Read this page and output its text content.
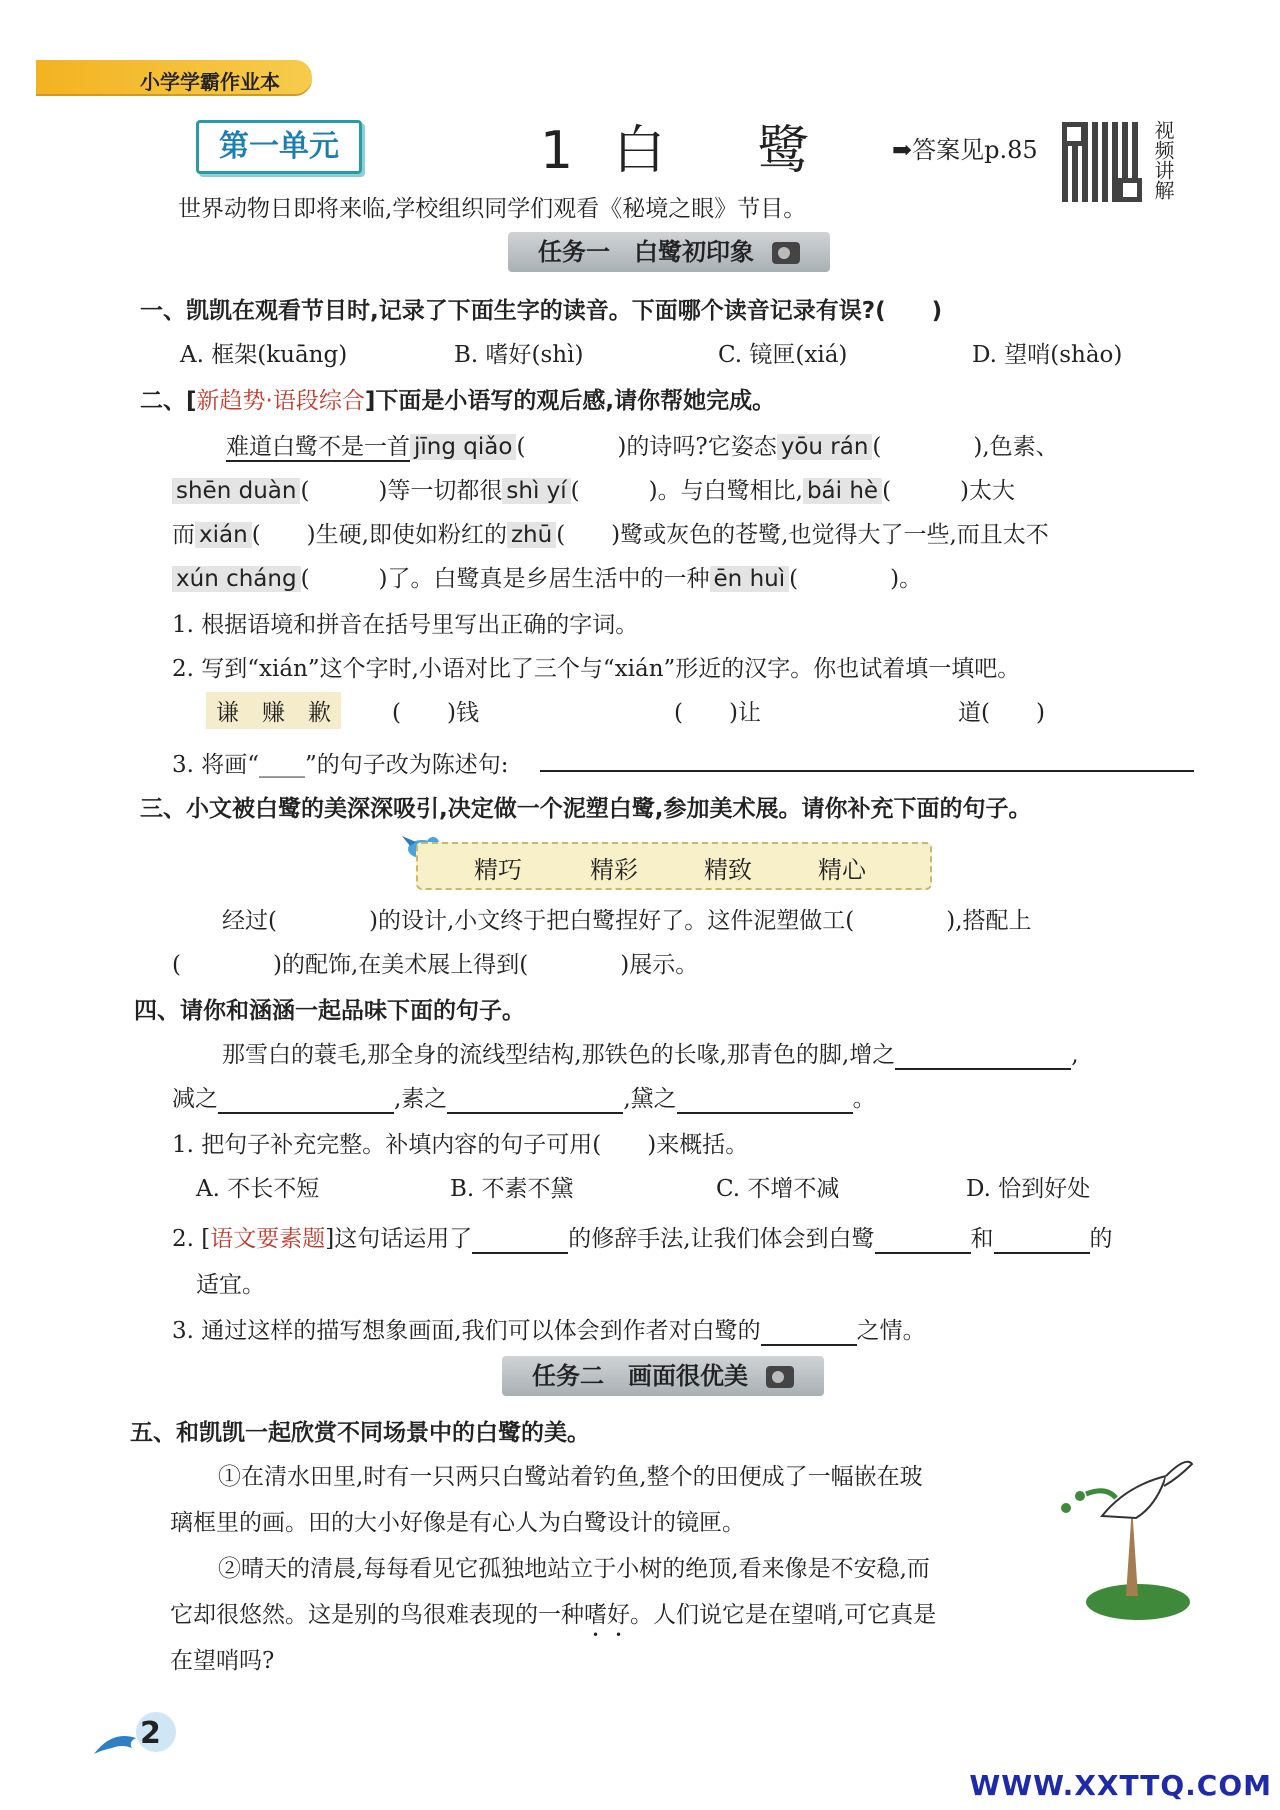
小学学霸作业本
第一单元	1 白 鹭	➡答案见p.85	视频讲解
世界动物日即将来临,学校组织同学们观看《秘境之眼》节目。
任务一　白鹭初印象
一、凯凯在观看节目时,记录了下面生字的读音。下面哪个读音记录有误?(　　)
A. 框架(kuāng)	B. 嗜好(shì)	C. 镜匣(xiá)	D. 望哨(shào)
二、[新趋势·语段综合]下面是小语写的观后感,请你帮她完成。
难道白鹭不是一首 jīng qiǎo (　　　　)的诗吗?它姿态 yōu rán (　　　　),色素、
shēn duàn (　　　)等一切都很 shì yí (　　　)。与白鹭相比, bái hè (　　　)太大
而 xián (　　)生硬,即使如粉红的 zhū (　　)鹭或灰色的苍鹭,也觉得大了一些,而且太不
xún cháng (　　　)了。白鹭真是乡居生活中的一种 ēn huì (　　　　)。
1. 根据语境和拼音在括号里写出正确的字词。
2. 写到“xián”这个字时,小语对比了三个与“xián”形近的汉字。你也试着填一填吧。
谦　赚　歉	(　　)钱	(　　)让	道(　　)
3. 将画“____”的句子改为陈述句:
三、小文被白鹭的美深深吸引,决定做一个泥塑白鹭,参加美术展。请你补充下面的句子。
精巧	精彩	精致	精心
经过(　　　　)的设计,小文终于把白鹭捏好了。这件泥塑做工(　　　　),搭配上
(　　　　)的配饰,在美术展上得到(　　　　)展示。
四、请你和涵涵一起品味下面的句子。
那雪白的蓑毛,那全身的流线型结构,那铁色的长喙,那青色的脚,增之	,
减之	,素之	,黛之	。
1. 把句子补充完整。补填内容的句子可用(　　)来概括。
A. 不长不短	B. 不素不黛	C. 不增不减	D. 恰到好处
2. [语文要素题]这句话运用了	的修辞手法,让我们体会到白鹭	和	的
适宜。
3. 通过这样的描写想象画面,我们可以体会到作者对白鹭的	之情。
任务二　画面很优美
五、和凯凯一起欣赏不同场景中的白鹭的美。
①在清水田里,时有一只两只白鹭站着钓鱼,整个的田便成了一幅嵌在玻
璃框里的画。田的大小好像是有心人为白鹭设计的镜匣。
②晴天的清晨,每每看见它孤独地站立于小树的绝顶,看来像是不安稳,而
它却很悠然。这是别的鸟很难表现的一种嗜好。人们说它是在望哨,可它真是
在望哨吗?
2
WWW.XXTTQ.COM
